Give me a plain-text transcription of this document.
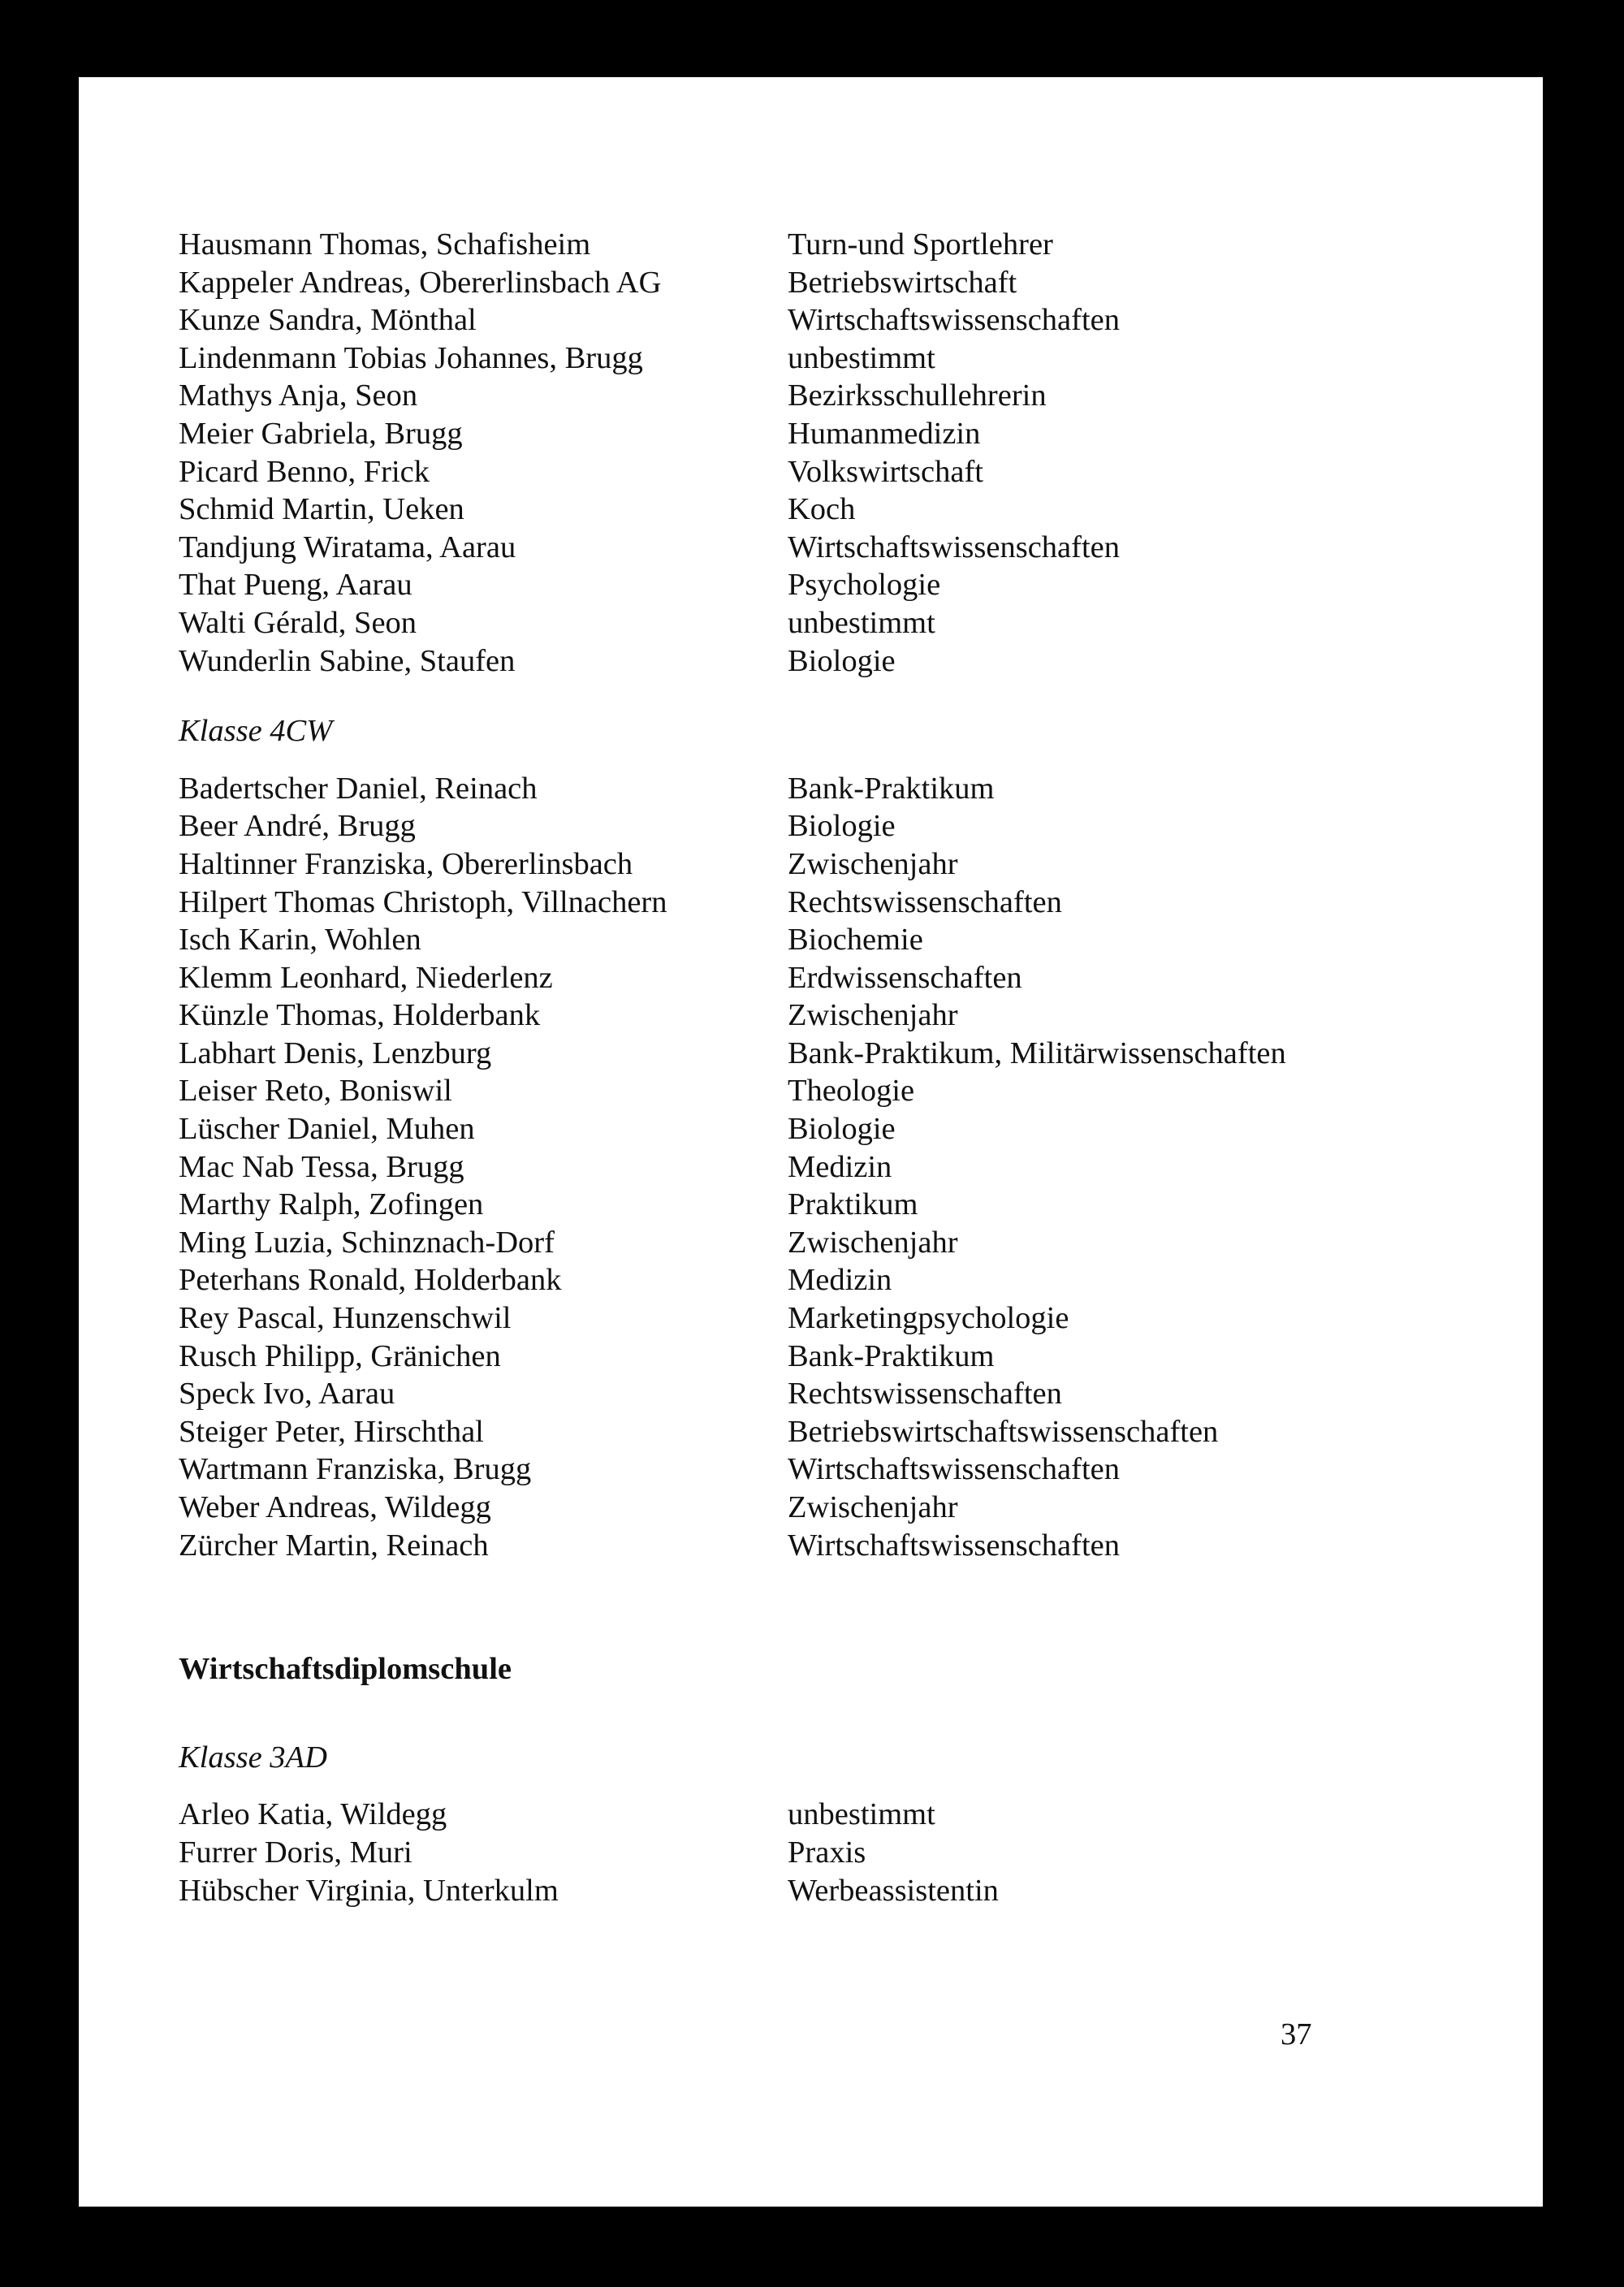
Hausmann Thomas, Schafisheim	Turn-und Sportlehrer
Kappeler Andreas, Obererlinsbach AG	Betriebswirtschaft
Kunze Sandra, Mönthal	Wirtschaftswissenschaften
Lindenmann Tobias Johannes, Brugg	unbestimmt
Mathys Anja, Seon	Bezirksschullehrerin
Meier Gabriela, Brugg	Humanmedizin
Picard Benno, Frick	Volkswirtschaft
Schmid Martin, Ueken	Koch
Tandjung Wiratama, Aarau	Wirtschaftswissenschaften
That Pueng, Aarau	Psychologie
Walti Gérald, Seon	unbestimmt
Wunderlin Sabine, Staufen	Biologie
Klasse 4CW
Badertscher Daniel, Reinach	Bank-Praktikum
Beer André, Brugg	Biologie
Haltinner Franziska, Obererlinsbach	Zwischenjahr
Hilpert Thomas Christoph, Villnachern	Rechtswissenschaften
Isch Karin, Wohlen	Biochemie
Klemm Leonhard, Niederlenz	Erdwissenschaften
Künzle Thomas, Holderbank	Zwischenjahr
Labhart Denis, Lenzburg	Bank-Praktikum, Militärwissenschaften
Leiser Reto, Boniswil	Theologie
Lüscher Daniel, Muhen	Biologie
Mac Nab Tessa, Brugg	Medizin
Marthy Ralph, Zofingen	Praktikum
Ming Luzia, Schinznach-Dorf	Zwischenjahr
Peterhans Ronald, Holderbank	Medizin
Rey Pascal, Hunzenschwil	Marketingpsychologie
Rusch Philipp, Gränichen	Bank-Praktikum
Speck Ivo, Aarau	Rechtswissenschaften
Steiger Peter, Hirschthal	Betriebswirtschaftswissenschaften
Wartmann Franziska, Brugg	Wirtschaftswissenschaften
Weber Andreas, Wildegg	Zwischenjahr
Zürcher Martin, Reinach	Wirtschaftswissenschaften
Wirtschaftsdiplomschule
Klasse 3AD
Arleo Katia, Wildegg	unbestimmt
Furrer Doris, Muri	Praxis
Hübscher Virginia, Unterkulm	Werbeassistentin
37
